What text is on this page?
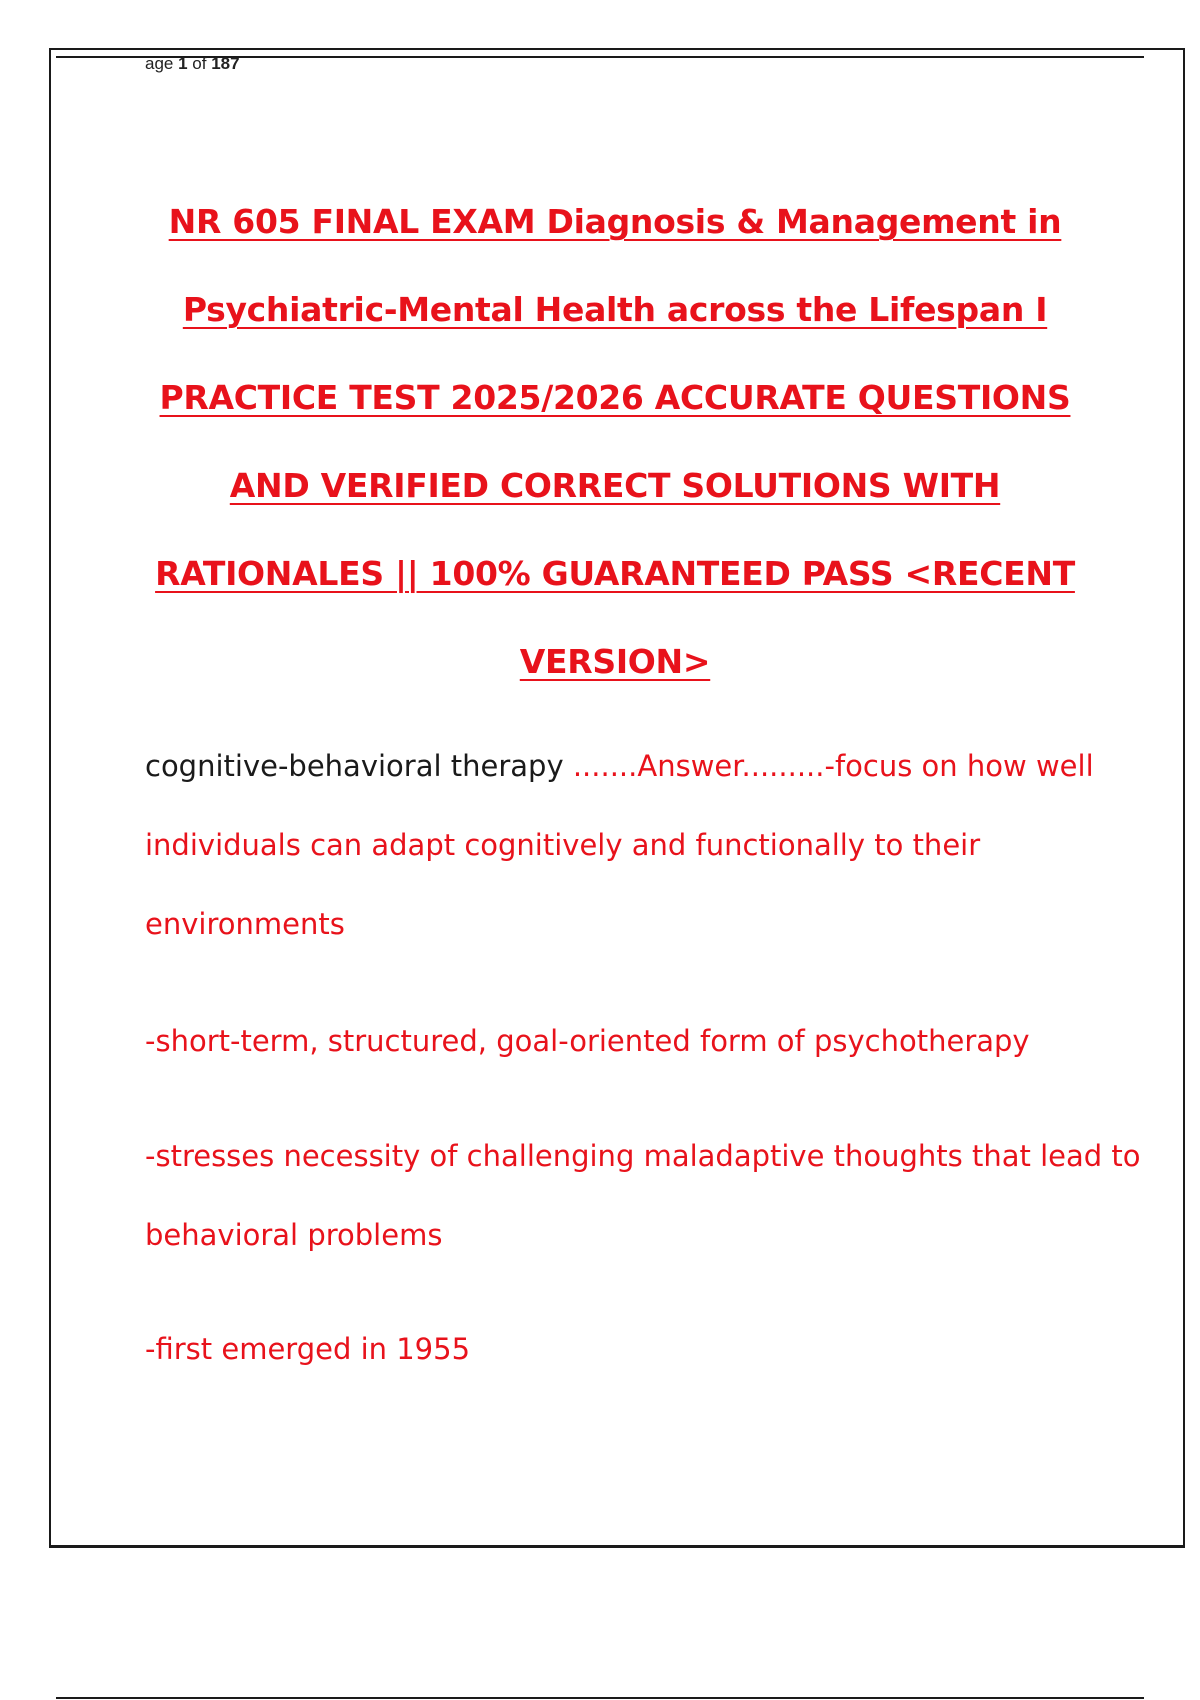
age 1 of 187
NR 605 FINAL EXAM Diagnosis & Management in
Psychiatric-Mental Health across the Lifespan I
PRACTICE TEST 2025/2026 ACCURATE QUESTIONS
AND VERIFIED CORRECT SOLUTIONS WITH
RATIONALES || 100% GUARANTEED PASS <RECENT
VERSION>
cognitive-behavioral therapy .......Answer.........-focus on how well individuals can adapt cognitively and functionally to their environments
-short-term, structured, goal-oriented form of psychotherapy
-stresses necessity of challenging maladaptive thoughts that lead to behavioral problems
-first emerged in 1955
